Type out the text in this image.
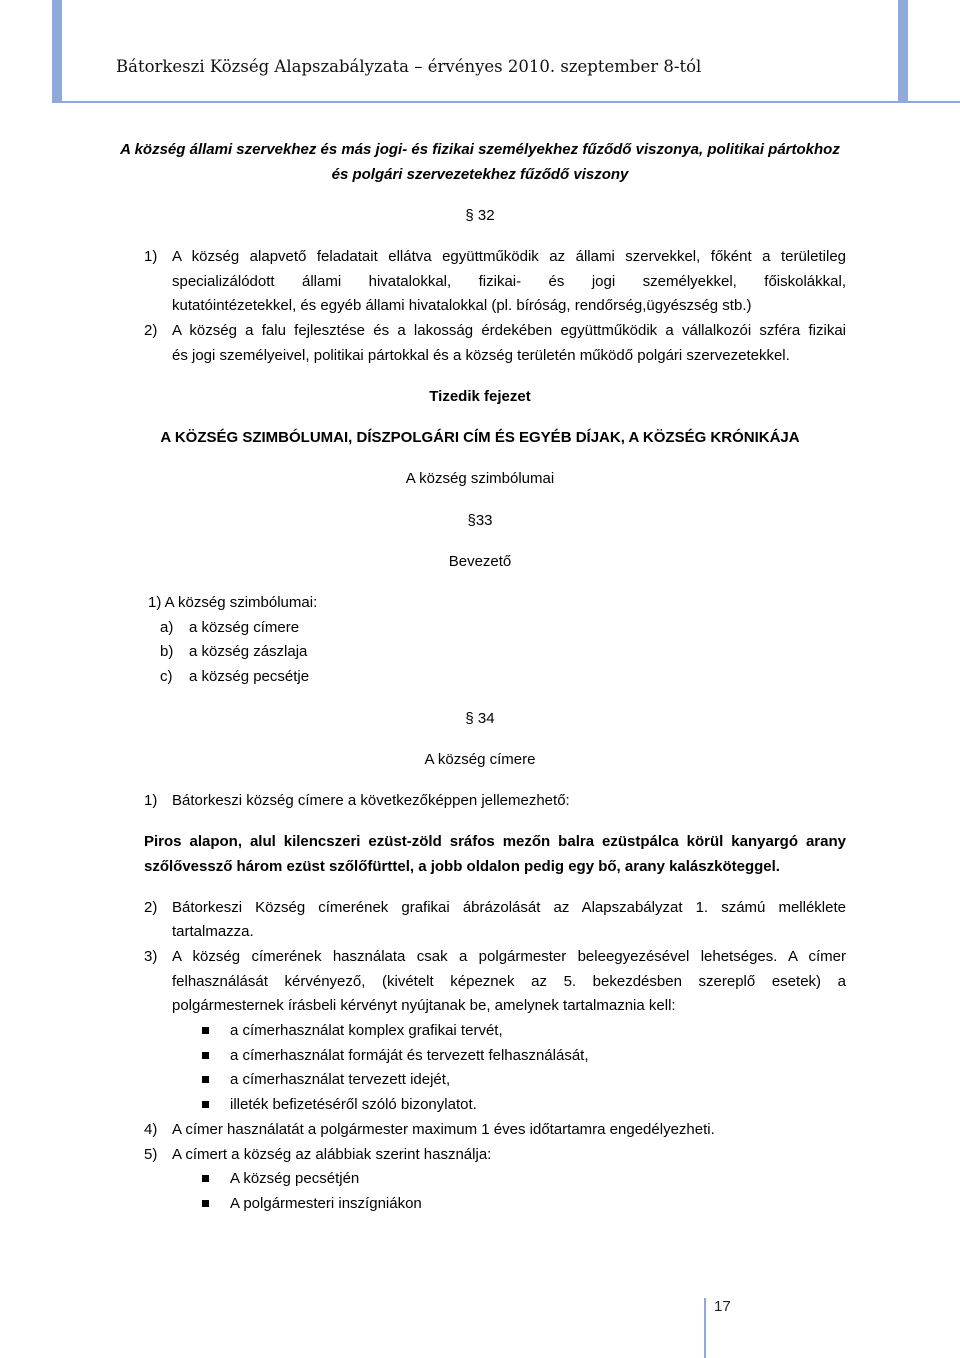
Bátorkeszi Község Alapszabályzata – érvényes 2010. szeptember 8-tól
A község állami szervekhez és más jogi- és fizikai személyekhez fűződő viszonya, politikai pártokhoz
és polgári szervezetekhez fűződő viszony
§ 32
1) A község alapvető feladatait ellátva együttműködik az állami szervekkel, főként a területileg
specializálódott állami hivatalokkal, fizikai- és jogi személyekkel, főiskolákkal,
kutatóintézetekkel, és egyéb állami hivatalokkal (pl. bíróság, rendőrség,ügyészség stb.)
2) A község a falu fejlesztése és a lakosság érdekében együttműködik a vállalkozói szféra fizikai
és jogi személyeivel, politikai pártokkal és a község területén működő polgári szervezetekkel.
Tizedik fejezet
A KÖZSÉG SZIMBÓLUMAI, DÍSZPOLGÁRI CÍM ÉS EGYÉB DÍJAK, A KÖZSÉG KRÓNIKÁJA
A község szimbólumai
§33
Bevezető
1) A község szimbólumai:
a) a község címere
b) a község zászlaja
c) a község pecsétje
§ 34
A község címere
1) Bátorkeszi község címere a következőképpen jellemezhető:
Piros alapon, alul kilencszeri ezüst-zöld sráfos mezőn balra ezüstpálca körül kanyargó arany
szőlővessző három ezüst szőlőfürttel, a jobb oldalon pedig egy bő, arany kalászköteggel.
2) Bátorkeszi Község címerének grafikai ábrázolását az Alapszabályzat 1. számú melléklete
tartalmazza.
3) A község címerének használata csak a polgármester beleegyezésével lehetséges. A címer
felhasználását kérvényező, (kivételt képeznek az 5. bekezdésben szereplő esetek) a
polgármesternek írásbeli kérvényt nyújtanak be, amelynek tartalmaznia kell:
a címerhasználat komplex grafikai tervét,
a címerhasználat formáját és tervezett felhasználását,
a címerhasználat tervezett idejét,
illeték befizetéséről szóló bizonylatot.
4) A címer használatát a polgármester maximum 1 éves időtartamra engedélyezheti.
5) A címert a község az alábbiak szerint használja:
A község pecsétjén
A polgármesteri inszígniákon
17
